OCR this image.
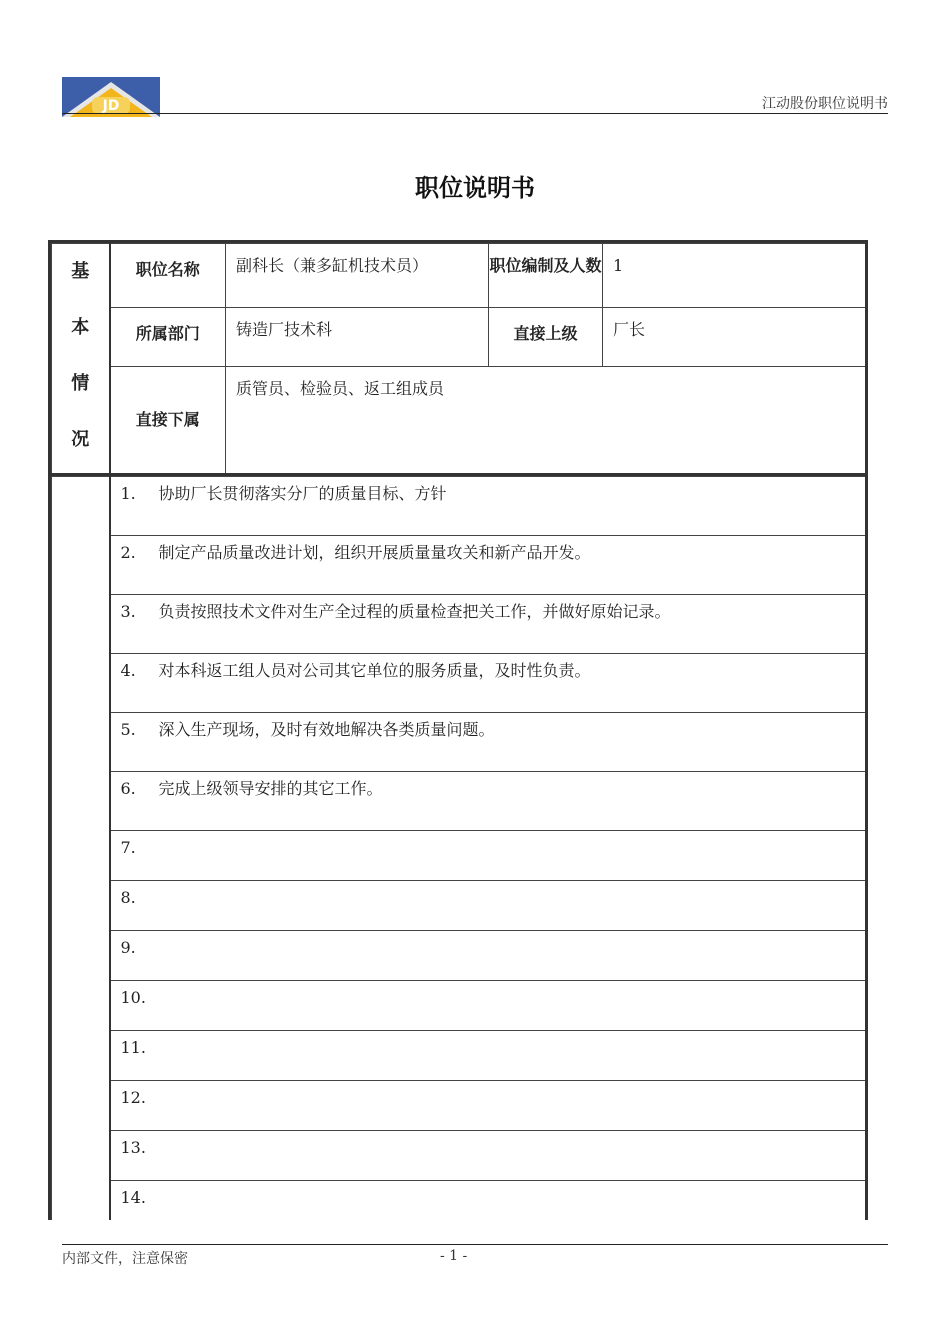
JD	江动股份职位说明书
职位说明书
基
本
情
况	职位名称	副科长（兼多缸机技术员）	职位编制及人数	1
	所属部门	铸造厂技术科	直接上级	厂长
	直接下属	质管员、检验员、返工组成员		
	1. 协助厂长贯彻落实分厂的质量目标、方针
	2. 制定产品质量改进计划，组织开展质量量攻关和新产品开发。
	3. 负责按照技术文件对生产全过程的质量检查把关工作，并做好原始记录。
	4. 对本科返工组人员对公司其它单位的服务质量，及时性负责。
	5. 深入生产现场，及时有效地解决各类质量问题。
	6. 完成上级领导安排的其它工作。
	7.
	8.
	9.
	10.
	11.
	12.
	13.
	14.

内部文件，注意保密	- 1 -
